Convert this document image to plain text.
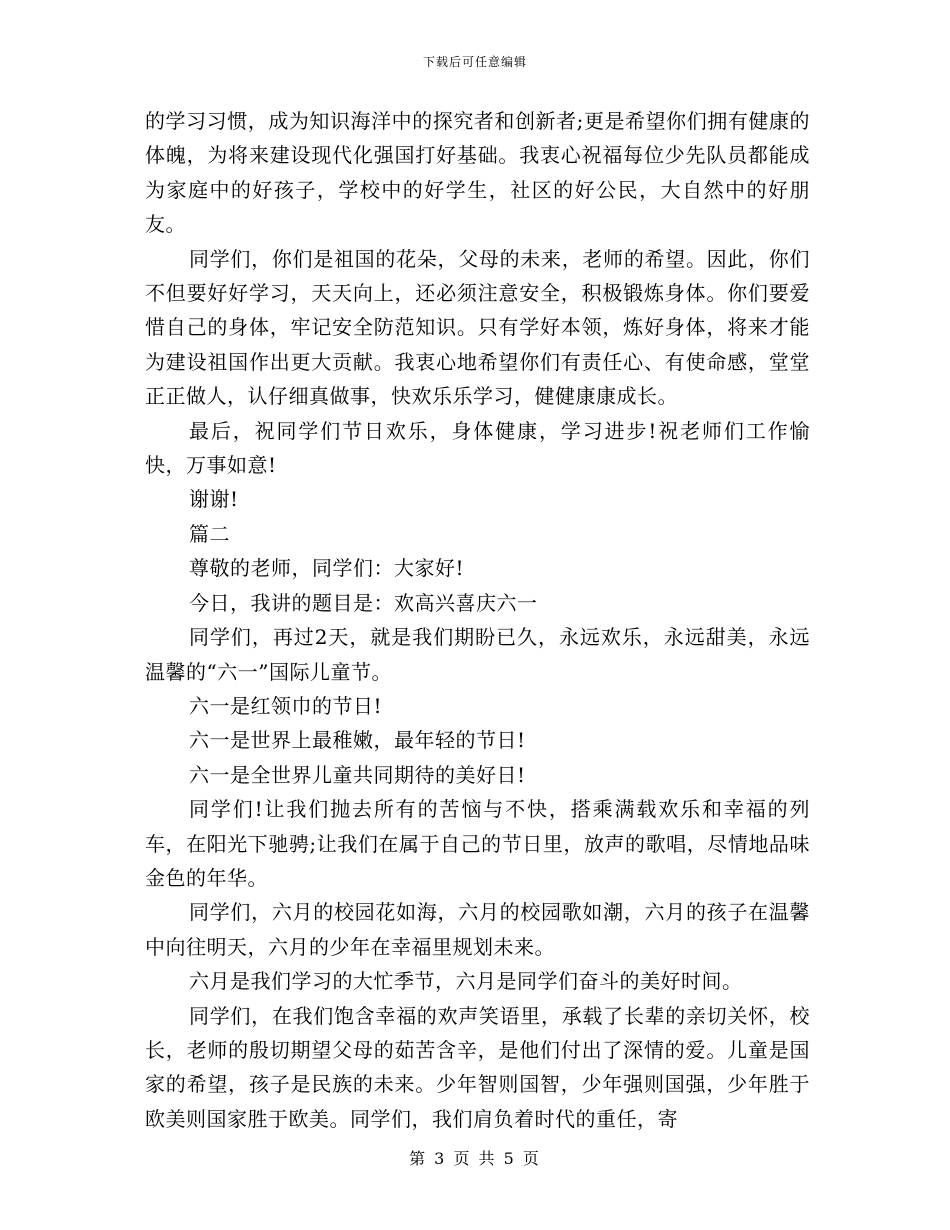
下载后可任意编辑

的学习习惯，成为知识海洋中的探究者和创新者;更是希望你们拥有健康的体魄，为将来建设现代化强国打好基础。我衷心祝福每位少先队员都能成为家庭中的好孩子，学校中的好学生，社区的好公民，大自然中的好朋友。

同学们，你们是祖国的花朵，父母的未来，老师的希望。因此，你们不但要好好学习，天天向上，还必须注意安全，积极锻炼身体。你们要爱惜自己的身体，牢记安全防范知识。只有学好本领，炼好身体，将来才能为建设祖国作出更大贡献。我衷心地希望你们有责任心、有使命感，堂堂正正做人，认仔细真做事，快欢乐乐学习，健健康康成长。

最后，祝同学们节日欢乐，身体健康，学习进步!祝老师们工作愉快，万事如意!

谢谢!

篇二

尊敬的老师，同学们：大家好!

今日，我讲的题目是：欢高兴喜庆六一

同学们，再过2天，就是我们期盼已久，永远欢乐，永远甜美，永远温馨的“六一”国际儿童节。

六一是红领巾的节日!

六一是世界上最稚嫩，最年轻的节日!

六一是全世界儿童共同期待的美好日!

同学们!让我们抛去所有的苦恼与不快，搭乘满载欢乐和幸福的列车，在阳光下驰骋;让我们在属于自己的节日里，放声的歌唱，尽情地品味金色的年华。

同学们，六月的校园花如海，六月的校园歌如潮，六月的孩子在温馨中向往明天，六月的少年在幸福里规划未来。

六月是我们学习的大忙季节，六月是同学们奋斗的美好时间。

同学们，在我们饱含幸福的欢声笑语里，承载了长辈的亲切关怀，校长，老师的殷切期望父母的茹苦含辛，是他们付出了深情的爱。儿童是国家的希望，孩子是民族的未来。少年智则国智，少年强则国强，少年胜于欧美则国家胜于欧美。同学们，我们肩负着时代的重任，寄

第 3 页 共 5 页
